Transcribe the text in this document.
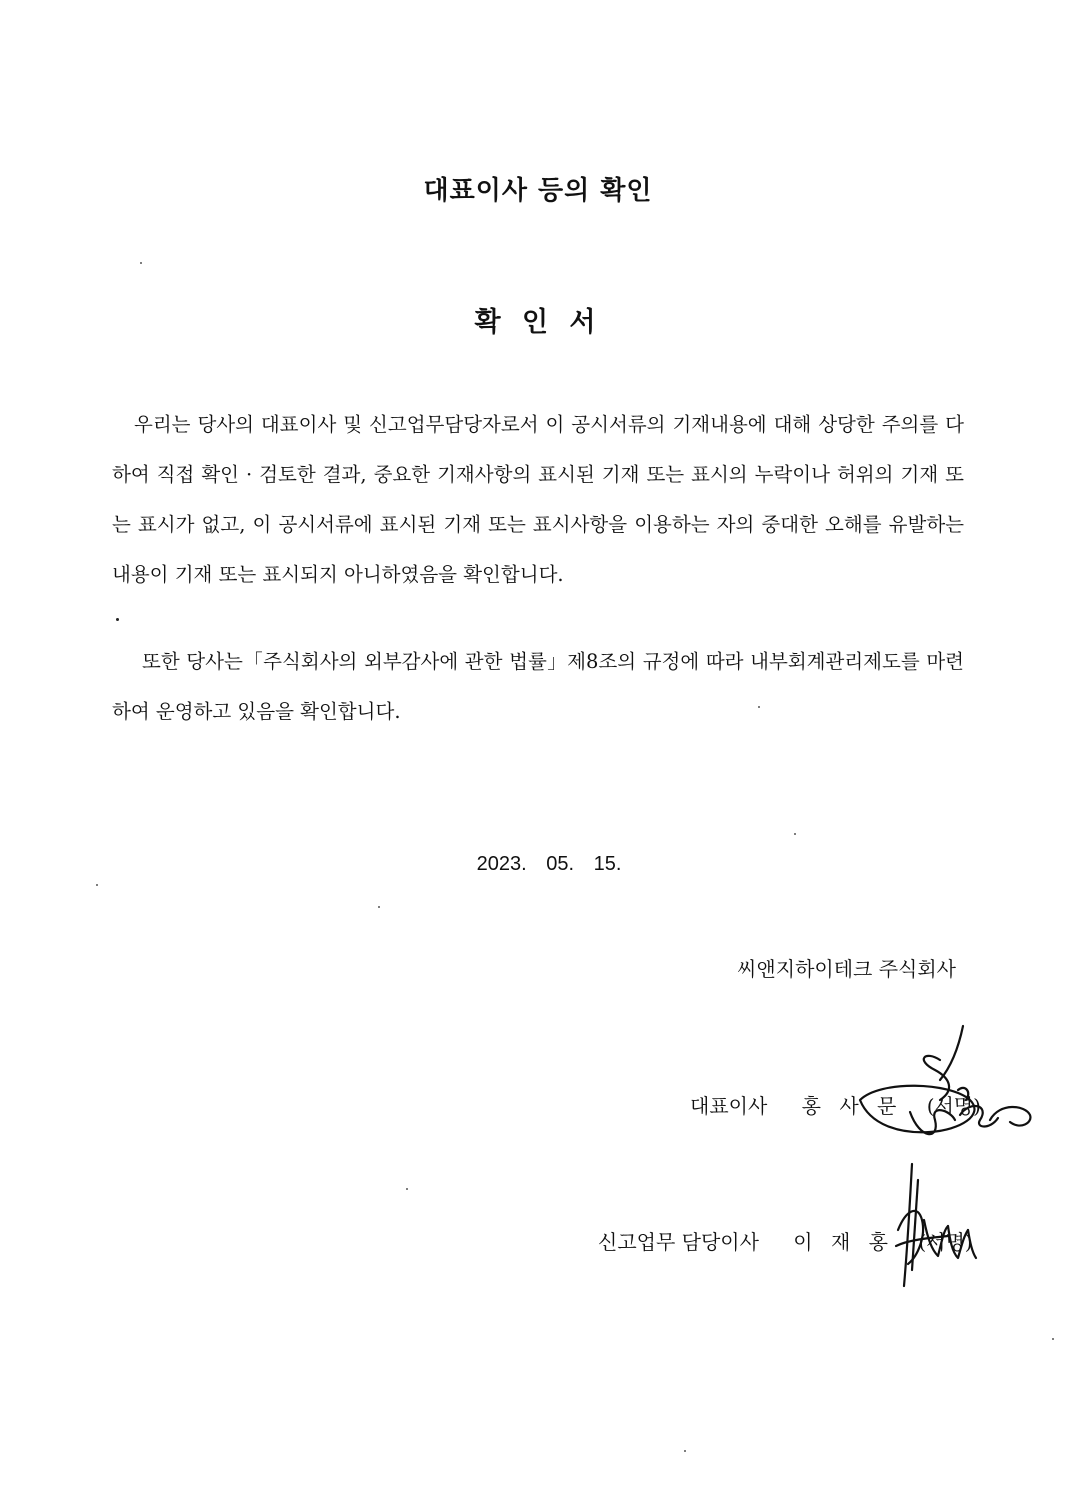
대표이사 등의 확인
확 인 서

우리는 당사의 대표이사 및 신고업무담당자로서 이 공시서류의 기재내용에 대해 상당한 주의를 다하여 직접 확인 · 검토한 결과, 중요한 기재사항의 표시된 기재 또는 표시의 누락이나 허위의 기재 또는 표시가 없고, 이 공시서류에 표시된 기재 또는 표시사항을 이용하는 자의 중대한 오해를 유발하는 내용이 기재 또는 표시되지 아니하였음을 확인합니다.

또한 당사는「주식회사의 외부감사에 관한 법률」제8조의 규정에 따라 내부회계관리제도를 마련하여 운영하고 있음을 확인합니다.

2023. 05. 15.
씨앤지하이테크 주식회사
대표이사 홍 사 문 (서명)
신고업무 담당이사 이 재 홍 (서명)
